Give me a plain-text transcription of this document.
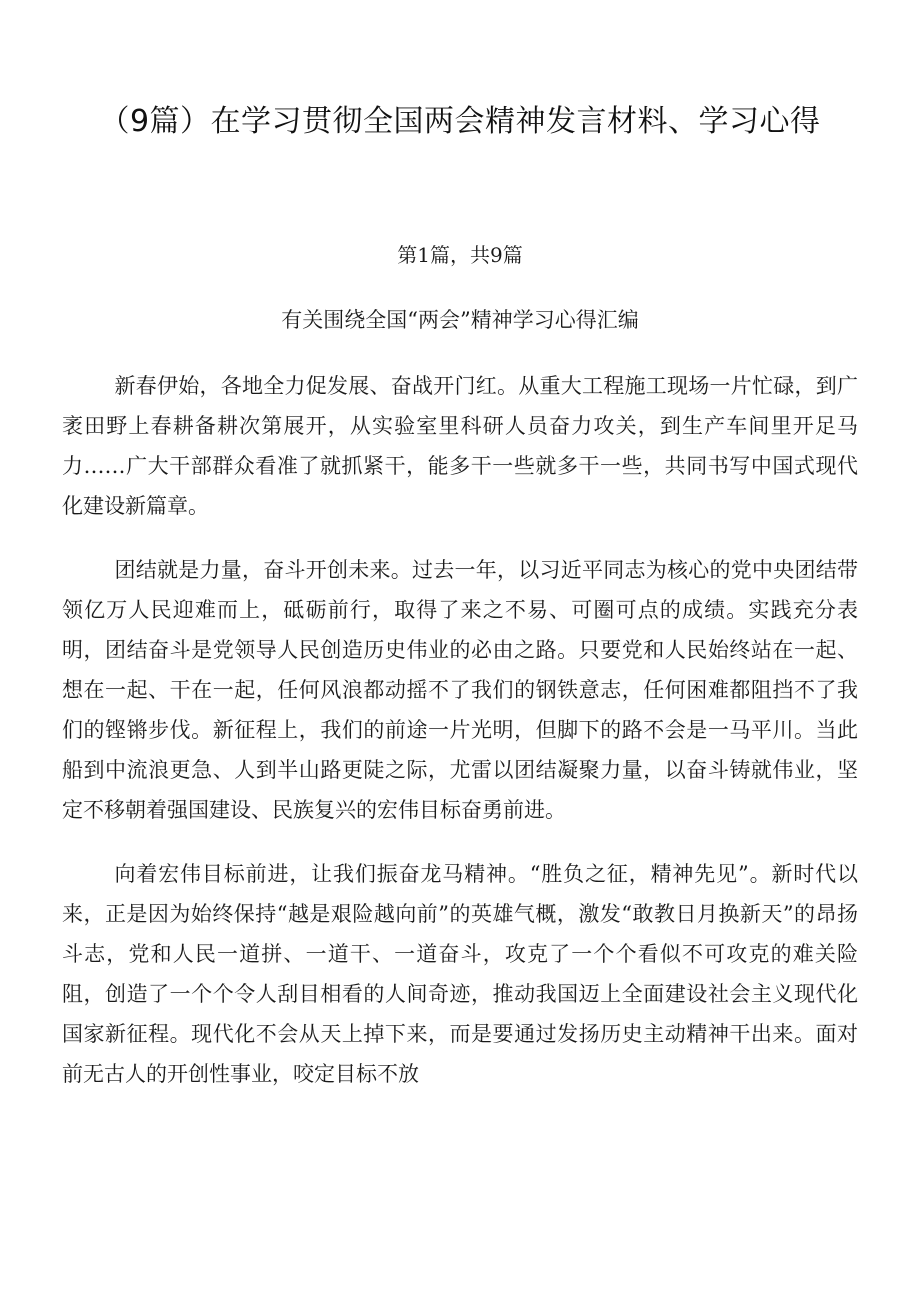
（9篇）在学习贯彻全国两会精神发言材料、学习心得
第1篇，共9篇
有关围绕全国“两会”精神学习心得汇编

新春伊始，各地全力促发展、奋战开门红。从重大工程施工现场一片忙碌，到广袤田野上春耕备耕次第展开，从实验室里科研人员奋力攻关，到生产车间里开足马力……广大干部群众看准了就抓紧干，能多干一些就多干一些，共同书写中国式现代化建设新篇章。

团结就是力量，奋斗开创未来。过去一年，以习近平同志为核心的党中央团结带领亿万人民迎难而上，砥砺前行，取得了来之不易、可圈可点的成绩。实践充分表明，团结奋斗是党领导人民创造历史伟业的必由之路。只要党和人民始终站在一起、想在一起、干在一起，任何风浪都动摇不了我们的钢铁意志，任何困难都阻挡不了我们的铿锵步伐。新征程上，我们的前途一片光明，但脚下的路不会是一马平川。当此船到中流浪更急、人到半山路更陡之际，尤雷以团结凝聚力量，以奋斗铸就伟业，坚定不移朝着强国建设、民族复兴的宏伟目标奋勇前进。

向着宏伟目标前进，让我们振奋龙马精神。“胜负之征，精神先见”。新时代以来，正是因为始终保持“越是艰险越向前”的英雄气概，激发“敢教日月换新天”的昂扬斗志，党和人民一道拼、一道干、一道奋斗，攻克了一个个看似不可攻克的难关险阻，创造了一个个令人刮目相看的人间奇迹，推动我国迈上全面建设社会主义现代化国家新征程。现代化不会从天上掉下来，而是要通过发扬历史主动精神干出来。面对前无古人的开创性事业，咬定目标不放
